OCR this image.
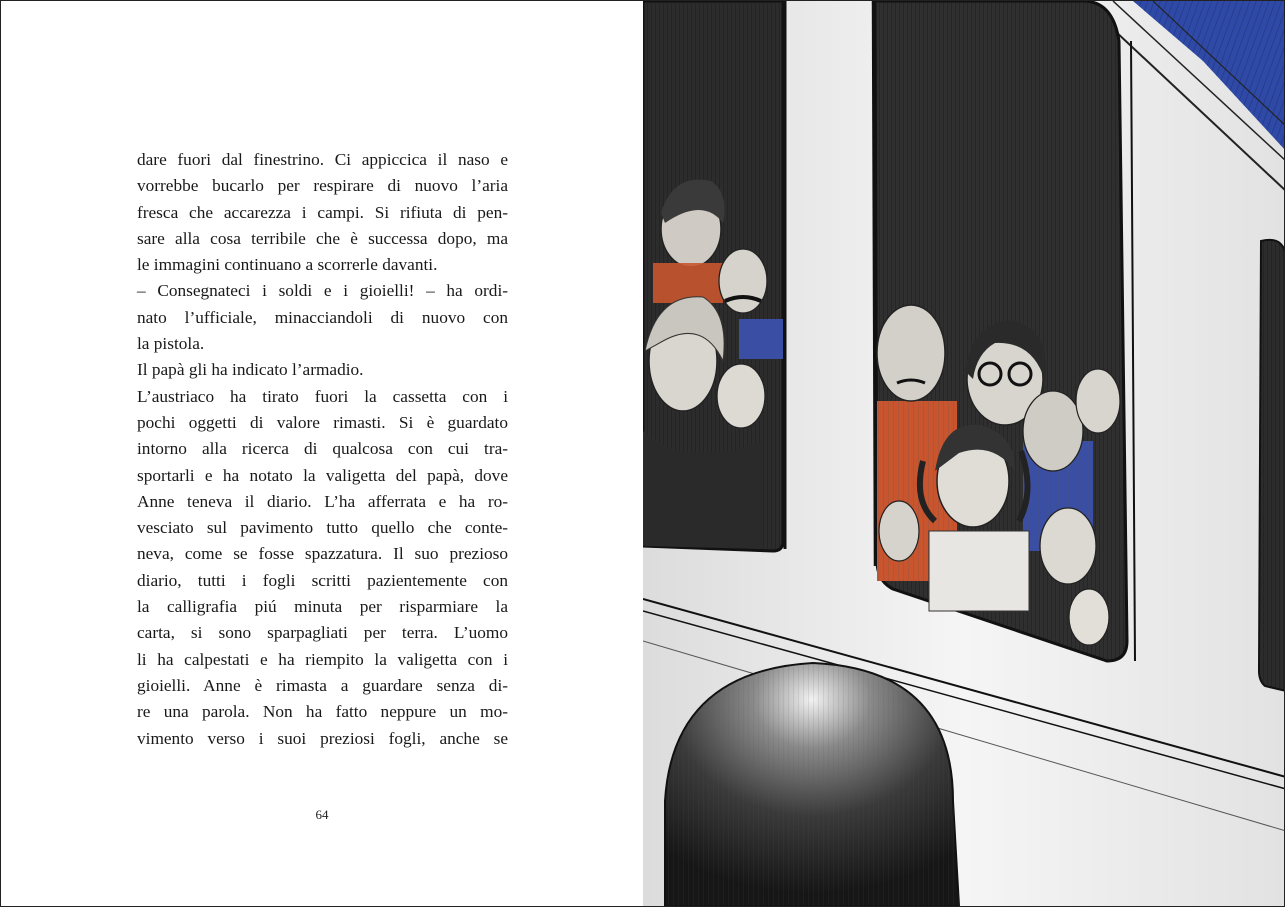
dare fuori dal finestrino. Ci appiccica il naso e
vorrebbe bucarlo per respirare di nuovo l’aria
fresca che accarezza i campi. Si rifiuta di pen-
sare alla cosa terribile che è successa dopo, ma
le immagini continuano a scorrerle davanti.
– Consegnateci i soldi e i gioielli! – ha ordi-
nato l’ufficiale, minacciandoli di nuovo con
la pistola.
Il papà gli ha indicato l’armadio.
L’austriaco ha tirato fuori la cassetta con i
pochi oggetti di valore rimasti. Si è guardato
intorno alla ricerca di qualcosa con cui tra-
sportarli e ha notato la valigetta del papà, dove
Anne teneva il diario. L’ha afferrata e ha ro-
vesciato sul pavimento tutto quello che conte-
neva, come se fosse spazzatura. Il suo prezioso
diario, tutti i fogli scritti pazientemente con
la calligrafia piú minuta per risparmiare la
carta, si sono sparpagliati per terra. L’uomo
li ha calpestati e ha riempito la valigetta con i
gioielli. Anne è rimasta a guardare senza di-
re una parola. Non ha fatto neppure un mo-
vimento verso i suoi preziosi fogli, anche se
64
